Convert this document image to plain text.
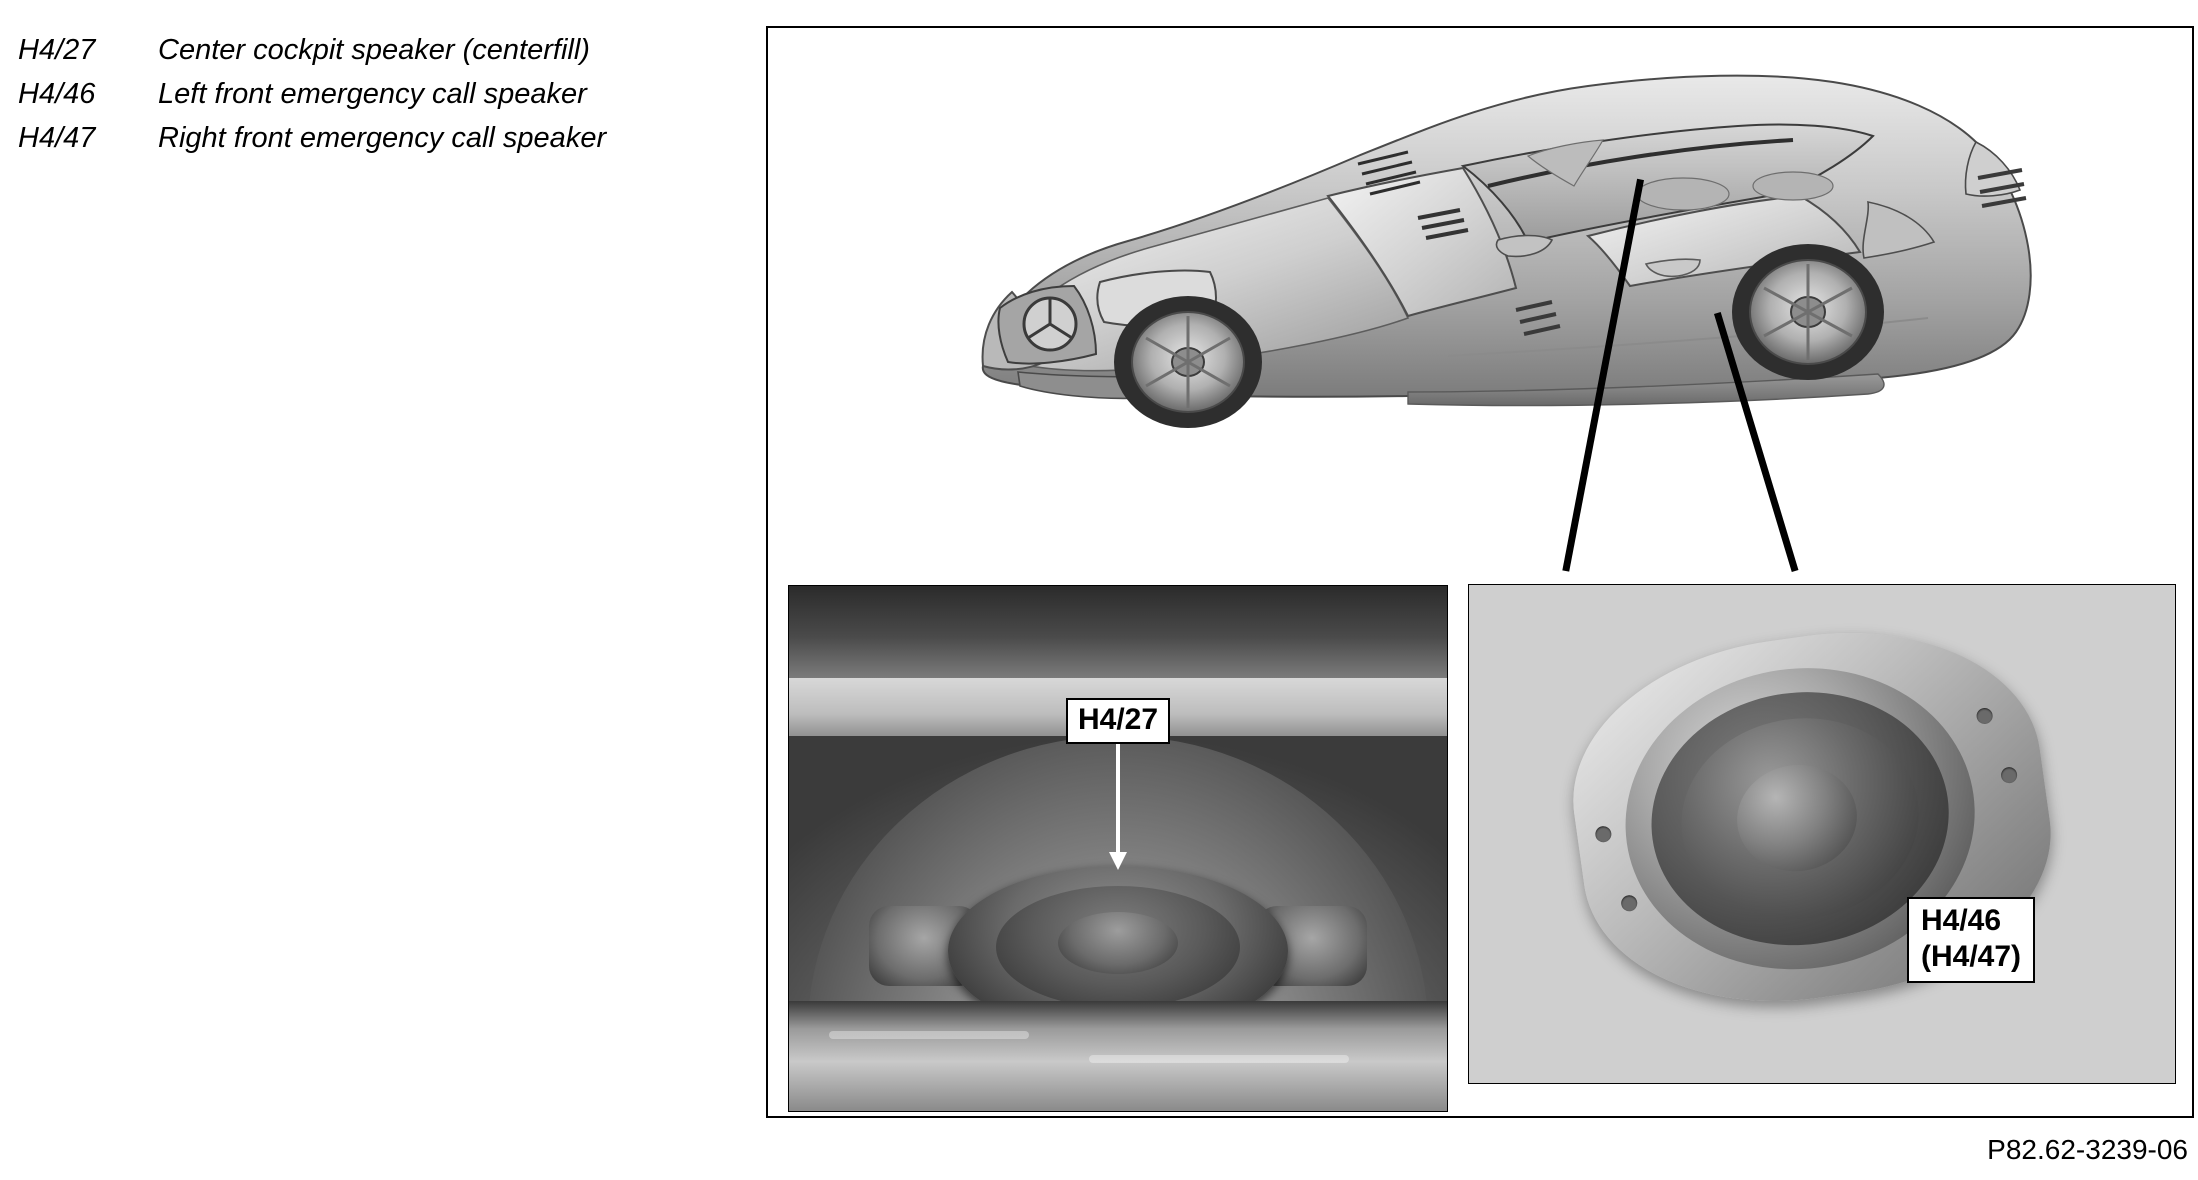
H4/27	Center cockpit speaker (centerfill)
H4/46	Left front emergency call speaker
H4/47	Right front emergency call speaker
H4/27
H4/46
(H4/47)
P82.62-3239-06
